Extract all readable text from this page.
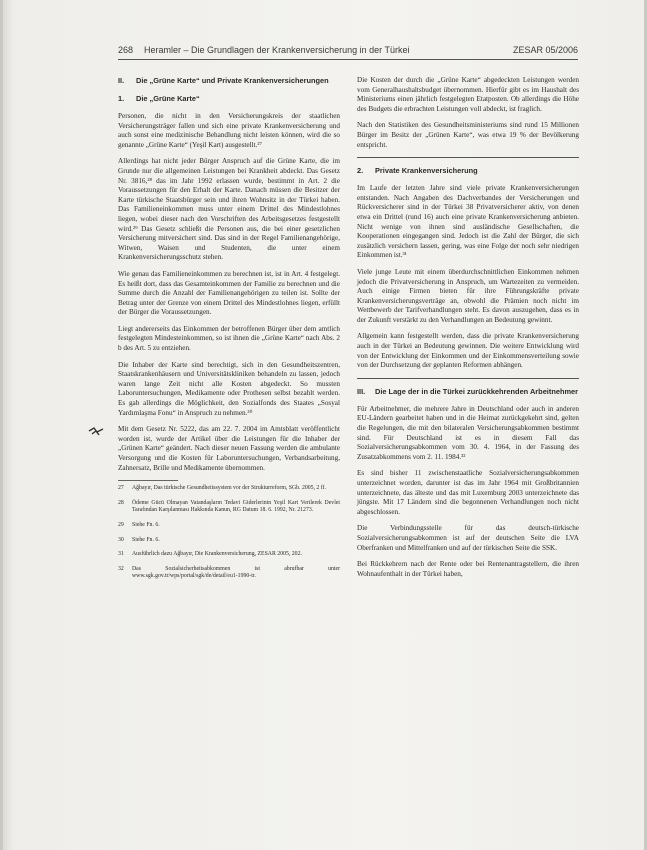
268 Heramler – Die Grundlagen der Krankenversicherung in der Türkei	ZESAR 05/2006
II.	Die „Grüne Karte“ und Private Krankenversicherungen
1.	Die „Grüne Karte“

Personen, die nicht in den Versicherungskreis der staatlichen Versicherungsträger fallen und sich eine private Krankenversicherung und auch sonst eine medizinische Behandlung nicht leisten können, wird die so genannte „Grüne Karte“ (Yeşil Kart) ausgestellt.²⁷

Allerdings hat nicht jeder Bürger Anspruch auf die Grüne Karte, die im Grunde nur die allgemeinen Leistungen bei Krankheit abdeckt. Das Gesetz Nr. 3816,²⁸ das im Jahr 1992 erlassen wurde, bestimmt in Art. 2 die Voraussetzungen für den Erhalt der Karte. Danach müssen die Besitzer der Karte türkische Staatsbürger sein und ihren Wohnsitz in der Türkei haben. Das Familieneinkommen muss unter einem Drittel des Mindestlohnes liegen, wobei dieser nach den Vorschriften des Arbeitsgesetzes festgestellt wird.²⁹ Das Gesetz schließt die Personen aus, die bei einer gesetzlichen Versicherung mitversichert sind. Das sind in der Regel Familienangehörige, Witwen, Waisen und Studenten, die unter einem Krankenversicherungsschutz stehen.

Wie genau das Familieneinkommen zu berechnen ist, ist in Art. 4 festgelegt. Es heißt dort, dass das Gesamteinkommen der Familie zu berechnen und die Summe durch die Anzahl der Familienangehörigen zu teilen ist. Sollte der Betrag unter der Grenze von einem Drittel des Mindestlohnes liegen, erfüllt der Bürger die Voraussetzungen.

Liegt andererseits das Einkommen der betroffenen Bürger über dem amtlich festgelegten Mindesteinkommen, so ist ihnen die „Grüne Karte“ nach Abs. 2 b des Art. 5 zu entziehen.

Die Inhaber der Karte sind berechtigt, sich in den Gesundheitszentren, Staatskrankenhäusern und Universitätskliniken behandeln zu lassen, jedoch waren lange Zeit nicht alle Kosten abgedeckt. So mussten Laboruntersuchungen, Medikamente oder Prothesen selbst bezahlt werden. Es gab allerdings die Möglichkeit, den Sozialfonds des Staates „Sosyal Yardımlaşma Fonu“ in Anspruch zu nehmen.³⁰

Mit dem Gesetz Nr. 5222, das am 22. 7. 2004 im Amtsblatt veröffentlicht worden ist, wurde der Artikel über die Leistungen für die Inhaber der „Grünen Karte“ geändert. Nach dieser neuen Fassung werden die ambulante Versorgung und die Kosten für Laboruntersuchungen, Verbandsarbeitung, Zahnersatz, Brille und Medikamente übernommen.

27	Ağbayır, Das türkische Gesundheitssystem vor der Strukturreform, SGb. 2005, 2 ff.

28	Ödeme Gücü Olmayan Vatandaşların Tedavi Giderlerinin Yeşil Kart Verilerek Devlet Tarafından Karşılanması Hakkında Kanun, RG Datum 18. 6. 1992, Nr. 21273.

29	Siehe Fn. 6.

30	Siehe Fn. 6.

31	Ausführlich dazu Ağbayır, Die Krankenversicherung, ZESAR 2005, 202.

32	Das Sozialsicherheitsabkommen ist abrufbar unter www.sgk.gov.tr/wps/portal/sgk/de/detail/eu1-1990-tr.

Die Kosten der durch die „Grüne Karte“ abgedeckten Leistungen werden vom Generalhaushaltsbudget übernommen. Hierfür gibt es im Haushalt des Ministeriums einen jährlich festgelegten Etatposten. Ob allerdings die Höhe des Budgets die erbrachten Leistungen voll abdeckt, ist fraglich.

Nach den Statistiken des Gesundheitsministeriums sind rund 15 Millionen Bürger im Besitz der „Grünen Karte“, was etwa 19 % der Bevölkerung entspricht.

2.	Private Krankenversicherung

Im Laufe der letzten Jahre sind viele private Krankenversicherungen entstanden. Nach Angaben des Dachverbandes der Versicherungen und Rückversicherer sind in der Türkei 38 Privatversicherer aktiv, von denen etwa ein Drittel (rund 16) auch eine private Krankenversicherung anbieten. Nicht wenige von ihnen sind ausländische Gesellschaften, die Kooperationen eingegangen sind. Jedoch ist die Zahl der Bürger, die sich zusätzlich versichern lassen, gering, was eine Folge der noch sehr niedrigen Einkommen ist.³¹

Viele junge Leute mit einem überdurchschnittlichen Einkommen nehmen jedoch die Privatversicherung in Anspruch, um Wartezeiten zu vermeiden. Auch einige Firmen bieten für ihre Führungskräfte private Krankenversicherungsverträge an, obwohl die Prämien noch nicht im Wettbewerb der Tarifverhandlungen steht. Es davon auszugehen, dass es in der Zukunft verstärkt zu den Verhandlungen an Bedeutung gewinnt.

Allgemein kann festgestellt werden, dass die private Krankenversicherung auch in der Türkei an Bedeutung gewinnen. Die weitere Entwicklung wird von der Entwicklung der Einkommen und der Einkommensverteilung sowie von der Durchsetzung der geplanten Reformen abhängen.

III.	Die Lage der in die Türkei zurückkehrenden Arbeitnehmer

Für Arbeitnehmer, die mehrere Jahre in Deutschland oder auch in anderen EU-Ländern gearbeitet haben und in die Heimat zurückgekehrt sind, gelten die Regelungen, die mit den bilateralen Versicherungsabkommen bestimmt sind. Für Deutschland ist es in diesem Fall das Sozialversicherungsabkommen vom 30. 4. 1964, in der Fassung des Zusatzabkommens vom 2. 11. 1984.³²

Es sind bisher 11 zwischenstaatliche Sozialversicherungsabkommen unterzeichnet worden, darunter ist das im Jahr 1964 mit Großbritannien unterzeichnete, das älteste und das mit Luxemburg 2003 unterzeichnete das jüngste. Mit 17 Ländern sind die begonnenen Verhandlungen noch nicht abgeschlossen.

Die Verbindungsstelle für das deutsch-türkische Sozialversicherungsabkommen ist auf der deutschen Seite die LVA Oberfranken und Mittelfranken und auf der türkischen Seite die SSK.

Bei Rückkehrern nach der Rente oder bei Rentenantragstellern, die ihren Wohnaufenthalt in der Türkei haben,
